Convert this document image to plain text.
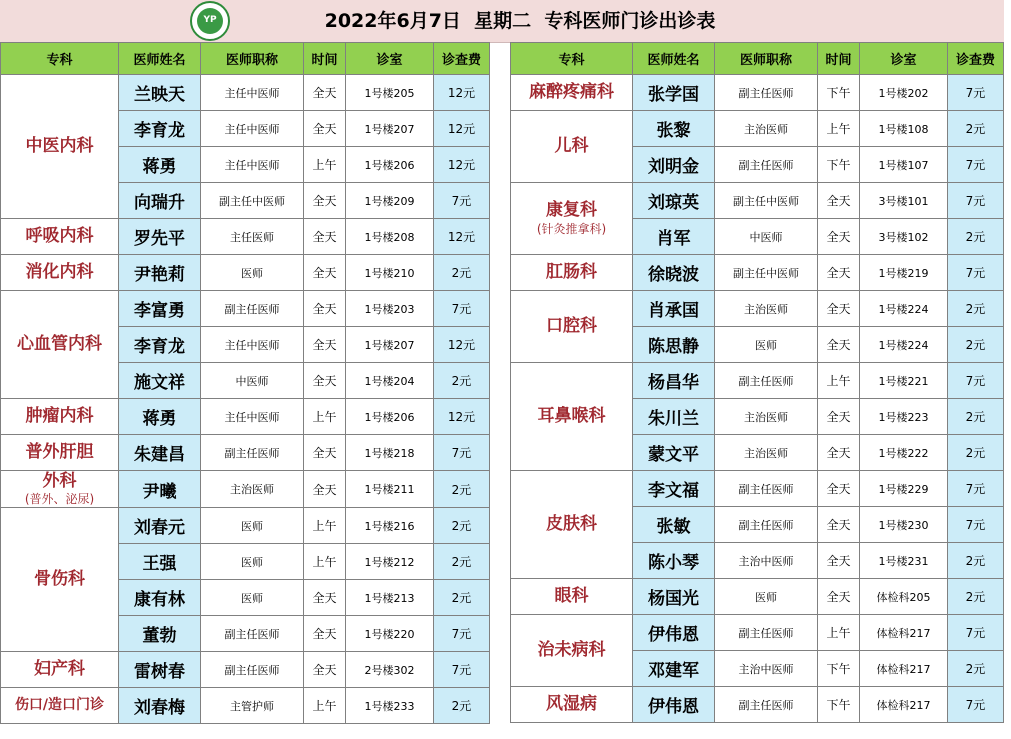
YP	2022年6月7日  星期二  专科医师门诊出诊表
专科	医师姓名	医师职称	时间	诊室	诊查费
中医内科	兰映天	主任中医师	全天	1号楼205	12元
	李育龙	主任中医师	全天	1号楼207	12元
	蒋勇	主任中医师	上午	1号楼206	12元
	向瑞升	副主任中医师	全天	1号楼209	7元
呼吸内科	罗先平	主任医师	全天	1号楼208	12元
消化内科	尹艳莉	医师	全天	1号楼210	2元
心血管内科	李富勇	副主任医师	全天	1号楼203	7元
	李育龙	主任中医师	全天	1号楼207	12元
	施文祥	中医师	全天	1号楼204	2元
肿瘤内科	蒋勇	主任中医师	上午	1号楼206	12元
普外肝胆	朱建昌	副主任医师	全天	1号楼218	7元
外科
(普外、泌尿)	尹曦	主治医师	全天	1号楼211	2元
骨伤科	刘春元	医师	上午	1号楼216	2元
	王强	医师	上午	1号楼212	2元
	康有林	医师	全天	1号楼213	2元
	董勃	副主任医师	全天	1号楼220	7元
妇产科	雷树春	副主任医师	全天	2号楼302	7元
伤口/造口门诊	刘春梅	主管护师	上午	1号楼233	2元
专科	医师姓名	医师职称	时间	诊室	诊查费
麻醉疼痛科	张学国	副主任医师	下午	1号楼202	7元
儿科	张黎	主治医师	上午	1号楼108	2元
	刘明金	副主任医师	下午	1号楼107	7元
康复科
(针灸推拿科)	刘琼英	副主任中医师	全天	3号楼101	7元
	肖军	中医师	全天	3号楼102	2元
肛肠科	徐晓波	副主任中医师	全天	1号楼219	7元
口腔科	肖承国	主治医师	全天	1号楼224	2元
	陈思静	医师	全天	1号楼224	2元
耳鼻喉科	杨昌华	副主任医师	上午	1号楼221	7元
	朱川兰	主治医师	全天	1号楼223	2元
	蒙文平	主治医师	全天	1号楼222	2元
皮肤科	李文福	副主任医师	全天	1号楼229	7元
	张敏	副主任医师	全天	1号楼230	7元
	陈小琴	主治中医师	全天	1号楼231	2元
眼科	杨国光	医师	全天	体检科205	2元
治未病科	伊伟恩	副主任医师	上午	体检科217	7元
	邓建军	主治中医师	下午	体检科217	2元
风湿病	伊伟恩	副主任医师	下午	体检科217	7元
